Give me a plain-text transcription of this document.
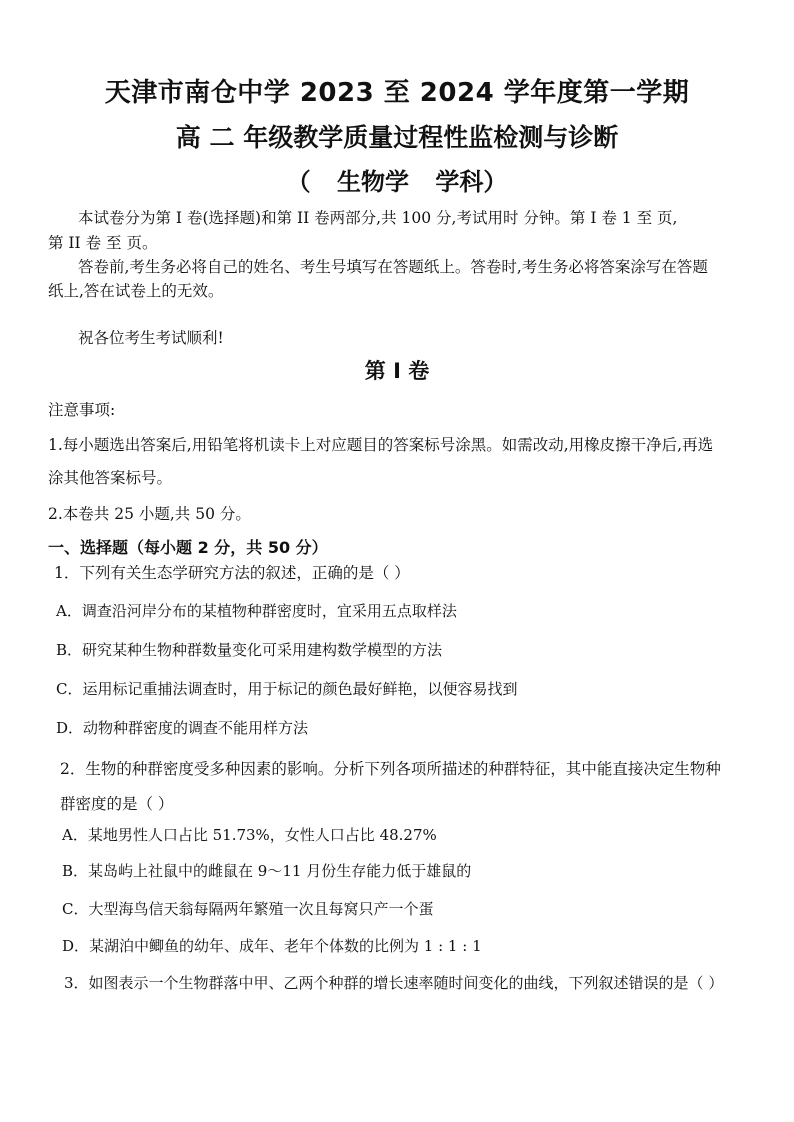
天津市南仓中学 2023 至 2024 学年度第一学期
高 二 年级教学质量过程性监检测与诊断
（ 生物学 学科）
本试卷分为第 I 卷(选择题)和第 II 卷两部分,共 100 分,考试用时 分钟。第 I 卷 1 至 页,
第 II 卷 至 页。
答卷前,考生务必将自己的姓名、考生号填写在答题纸上。答卷时,考生务必将答案涂写在答题
纸上,答在试卷上的无效。
祝各位考生考试顺利!
第 I 卷
注意事项:
1.每小题选出答案后,用铅笔将机读卡上对应题目的答案标号涂黑。如需改动,用橡皮擦干净后,再选
涂其他答案标号。
2.本卷共 25 小题,共 50 分。
一、选择题（每小题 2 分，共 50 分）
1．下列有关生态学研究方法的叙述，正确的是（ ）
A．调查沿河岸分布的某植物种群密度时，宜采用五点取样法
B．研究某种生物种群数量变化可采用建构数学模型的方法
C．运用标记重捕法调查时，用于标记的颜色最好鲜艳，以便容易找到
D．动物种群密度的调查不能用样方法
2．生物的种群密度受多种因素的影响。分析下列各项所描述的种群特征，其中能直接决定生物种
群密度的是（ ）
A．某地男性人口占比 51.73%，女性人口占比 48.27%
B．某岛屿上社鼠中的雌鼠在 9～11 月份生存能力低于雄鼠的
C．大型海鸟信天翁每隔两年繁殖一次且每窝只产一个蛋
D．某湖泊中鲫鱼的幼年、成年、老年个体数的比例为 1 : 1 : 1
3．如图表示一个生物群落中甲、乙两个种群的增长速率随时间变化的曲线，下列叙述错误的是（ ）
